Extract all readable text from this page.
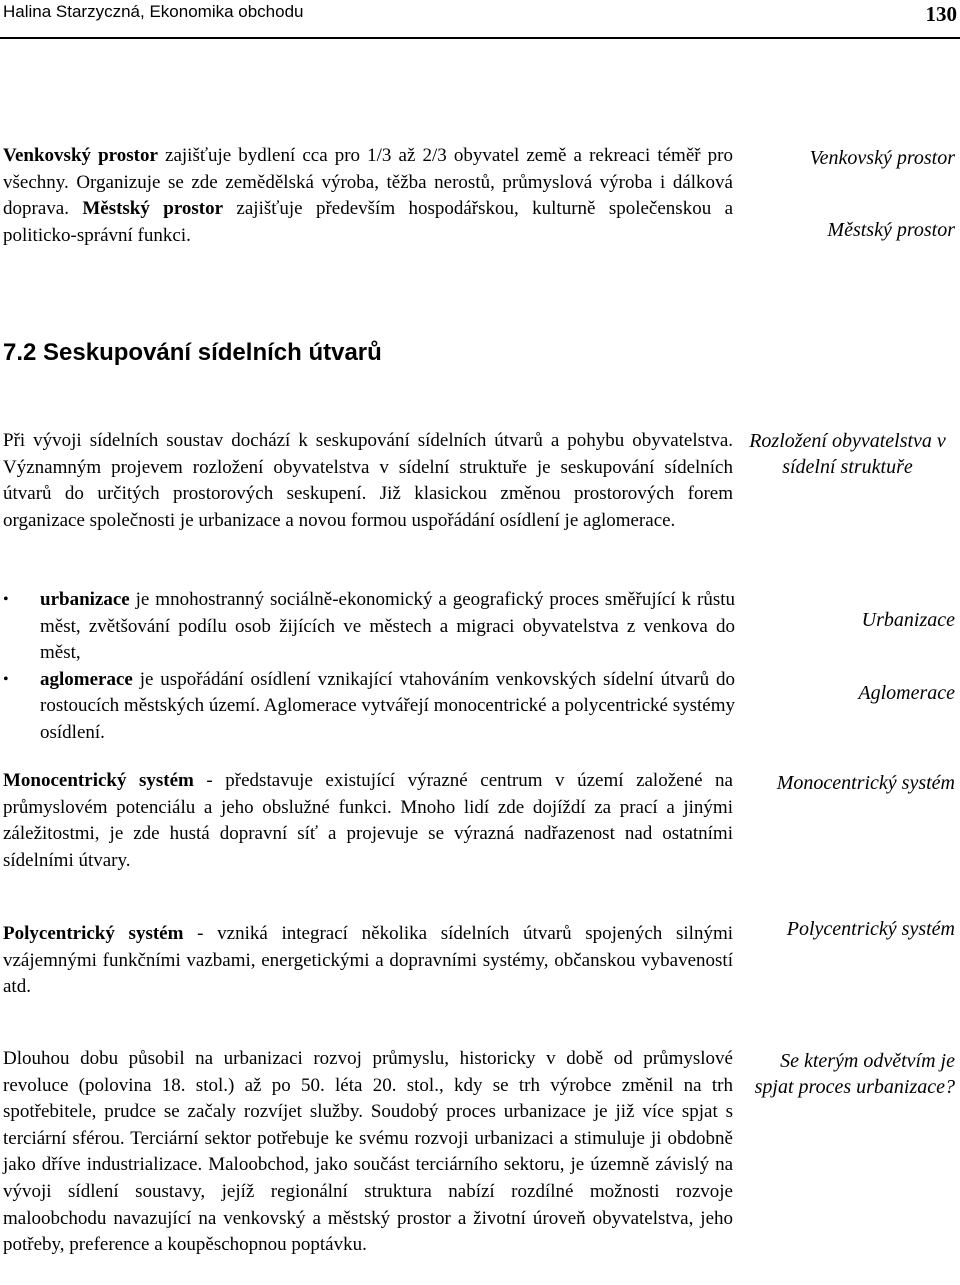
Halina Starzyczná, Ekonomika obchodu	130
Venkovský prostor zajišťuje bydlení cca pro 1/3 až 2/3 obyvatel země a rekreaci téměř pro všechny. Organizuje se zde zemědělská výroba, těžba nerostů, průmyslová výroba i dálková doprava. Městský prostor zajišťuje především hospodářskou, kulturně společenskou a politicko-správní funkci.
Venkovský prostor
Městský prostor
7.2 Seskupování sídelních útvarů
Při vývoji sídelních soustav dochází k seskupování sídelních útvarů a pohybu obyvatelstva. Významným projevem rozložení obyvatelstva v sídelní struktuře je seskupování sídelních útvarů do určitých prostorových seskupení. Již klasickou změnou prostorových forem organizace společnosti je urbanizace a novou formou uspořádání osídlení je aglomerace.
Rozložení obyvatelstva v sídelní struktuře
• urbanizace je mnohostranný sociálně-ekonomický a geografický proces směřující k růstu měst, zvětšování podílu osob žijících ve městech a migraci obyvatelstva z venkova do měst,
• aglomerace je uspořádání osídlení vznikající vtahováním venkovských sídelní útvarů do rostoucích městských území. Aglomerace vytvářejí monocentrické a polycentrické systémy osídlení.
Urbanizace
Aglomerace
Monocentrický systém - představuje existující výrazné centrum v území založené na průmyslovém potenciálu a jeho obslužné funkci. Mnoho lidí zde dojíždí za prací a jinými záležitostmi, je zde hustá dopravní síť a projevuje se výrazná nadřazenost nad ostatními sídelními útvary.
Monocentrický systém
Polycentrický systém - vzniká integrací několika sídelních útvarů spojených silnými vzájemnými funkčními vazbami, energetickými a dopravními systémy, občanskou vybaveností atd.
Polycentrický systém
Dlouhou dobu působil na urbanizaci rozvoj průmyslu, historicky v době od průmyslové revoluce (polovina 18. stol.) až po 50. léta 20. stol., kdy se trh výrobce změnil na trh spotřebitele, prudce se začaly rozvíjet služby. Soudobý proces urbanizace je již více spjat s terciární sférou. Terciární sektor potřebuje ke svému rozvoji urbanizaci a stimuluje ji obdobně jako dříve industrializace. Maloobchod, jako součást terciárního sektoru, je územně závislý na vývoji sídlení soustavy, jejíž regionální struktura nabízí rozdílné možnosti rozvoje maloobchodu navazující na venkovský a městský prostor a životní úroveň obyvatelstva, jeho potřeby, preference a koupěschopnou poptávku.
Se kterým odvětvím je spjat proces urbanizace?
